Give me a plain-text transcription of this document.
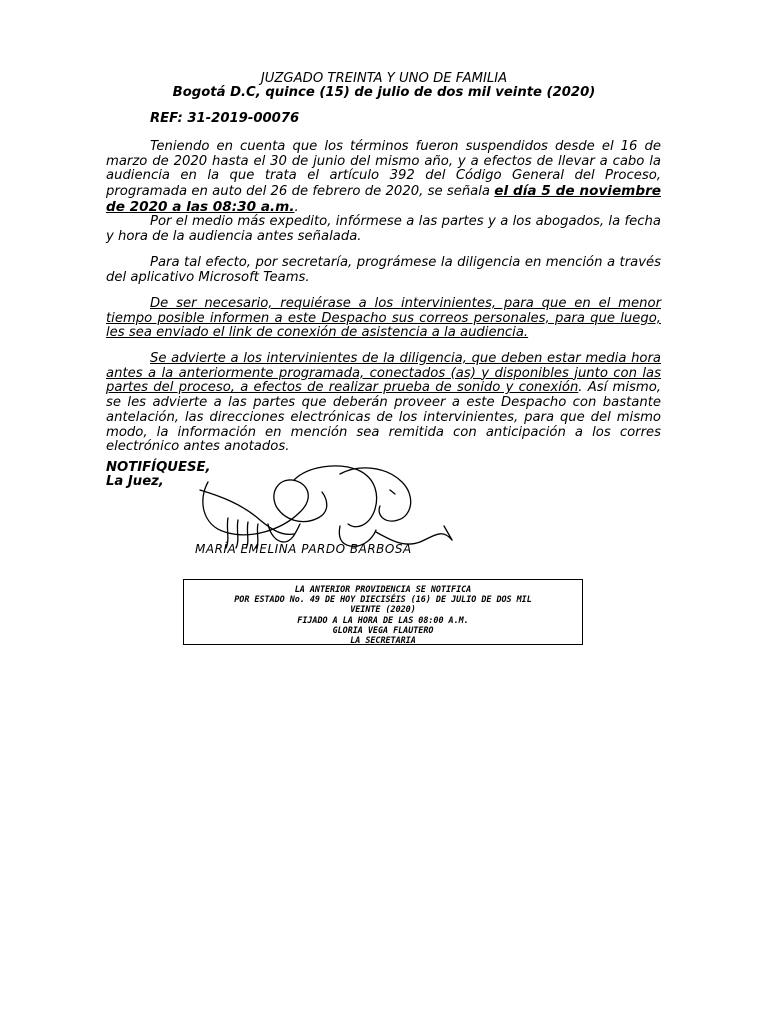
JUZGADO TREINTA Y UNO DE FAMILIA
Bogotá D.C, quince (15) de julio de dos mil veinte (2020)
REF: 31-2019-00076

Teniendo en cuenta que los términos fueron suspendidos desde el 16 de marzo de 2020 hasta el 30 de junio del mismo año, y a efectos de llevar a cabo la audiencia en la que trata el artículo 392 del Código General del Proceso, programada en auto del 26 de febrero de 2020, se señala el día 5 de noviembre de 2020 a las 08:30 a.m..

Por el medio más expedito, infórmese a las partes y a los abogados, la fecha y hora de la audiencia antes señalada.

Para tal efecto, por secretaría, prográmese la diligencia en mención a través del aplicativo Microsoft Teams.

De ser necesario, requiérase a los intervinientes, para que en el menor tiempo posible informen a este Despacho sus correos personales, para que luego, les sea enviado el link de conexión de asistencia a la audiencia.

Se advierte a los intervinientes de la diligencia, que deben estar media hora antes a la anteriormente programada, conectados (as) y disponibles junto con las partes del proceso, a efectos de realizar prueba de sonido y conexión. Así mismo, se les advierte a las partes que deberán proveer a este Despacho con bastante antelación, las direcciones electrónicas de los intervinientes, para que del mismo modo, la información en mención sea remitida con anticipación a los corres electrónico antes anotados.

NOTIFÍQUESE,
La Juez,
MARÍA EMELINA PARDO BARBOSA
LA ANTERIOR PROVIDENCIA SE NOTIFICA
POR ESTADO No. 49 DE HOY DIECISÉIS (16) DE JULIO DE DOS MIL
VEINTE (2020)
FIJADO A LA HORA DE LAS 08:00 A.M.
GLORIA VEGA FLAUTERO
LA SECRETARIA
